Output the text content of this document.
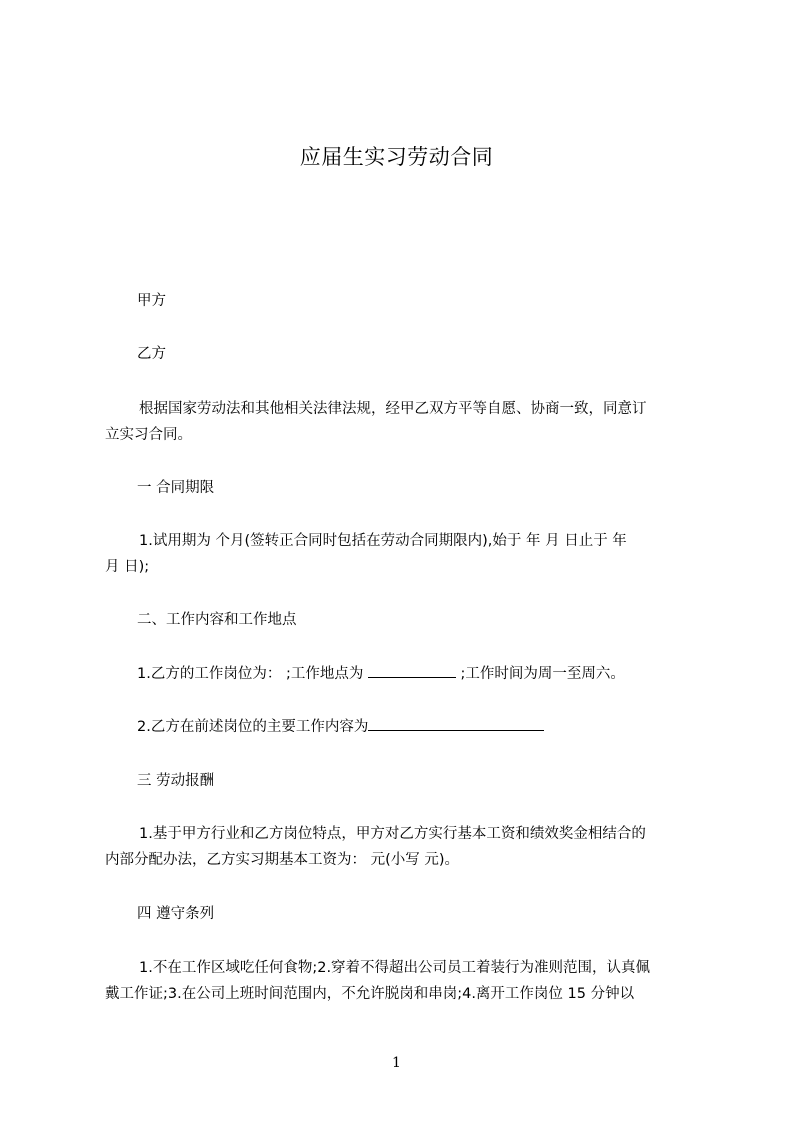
应届生实习劳动合同
甲方
乙方
根据国家劳动法和其他相关法律法规，经甲乙双方平等自愿、协商一致，同意订
立实习合同。
一 合同期限
1.试用期为 个月(签转正合同时包括在劳动合同期限内),始于 年 月 日止于 年
月 日);
二、工作内容和工作地点
1.乙方的工作岗位为： ;工作地点为	;工作时间为周一至周六。
2.乙方在前述岗位的主要工作内容为
三 劳动报酬
1.基于甲方行业和乙方岗位特点，甲方对乙方实行基本工资和绩效奖金相结合的
内部分配办法，乙方实习期基本工资为： 元(小写 元)。
四 遵守条列
1.不在工作区域吃任何食物;2.穿着不得超出公司员工着装行为准则范围，认真佩
戴工作证;3.在公司上班时间范围内，不允许脱岗和串岗;4.离开工作岗位 15 分钟以
1
